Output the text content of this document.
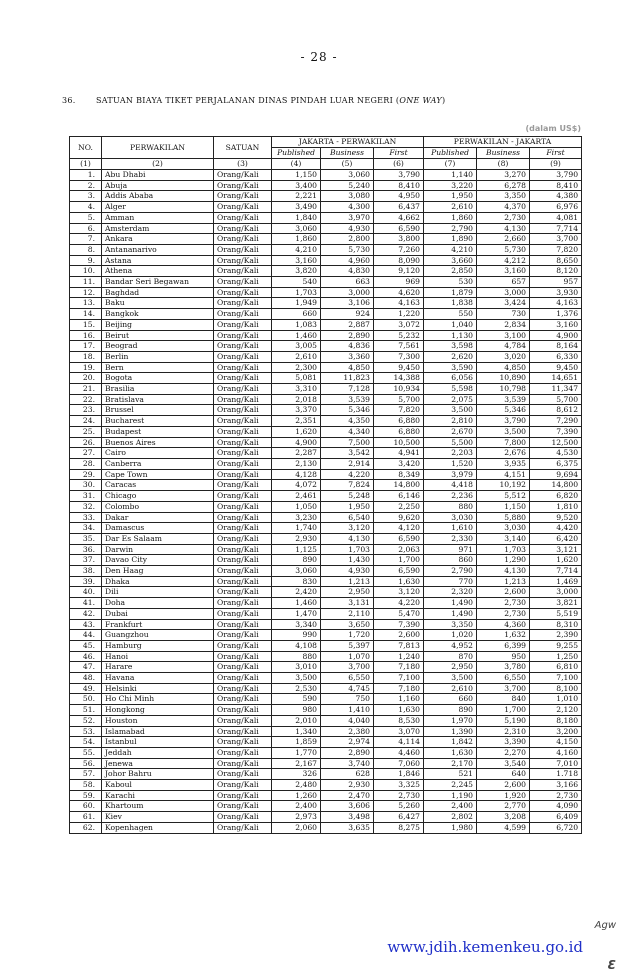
- 28 -
36.	SATUAN BIAYA TIKET PERJALANAN DINAS PINDAH LUAR NEGERI (ONE WAY)
(dalam US$)
NO.	PERWAKILAN	SATUAN	JAKARTA - PERWAKILAN			PERWAKILAN - JAKARTA		
			Published	Business	First	Published	Business	First
(1)	(2)	(3)	(4)	(5)	(6)	(7)	(8)	(9)
1.	Abu Dhabi	Orang/Kali	1,150	3,060	3,790	1,140	3,270	3,790
2.	Abuja	Orang/Kali	3,400	5,240	8,410	3,220	6,278	8,410
3.	Addis Ababa	Orang/Kali	2,221	3,080	4,950	1,950	3,350	4,380
4.	Alger	Orang/Kali	3,490	4,300	6,437	2,610	4,370	6,976
5.	Amman	Orang/Kali	1,840	3,970	4,662	1,860	2,730	4,081
6.	Amsterdam	Orang/Kali	3,060	4,930	6,590	2,790	4,130	7,714
7.	Ankara	Orang/Kali	1,860	2,800	3,800	1,890	2,660	3,700
8.	Antananarivo	Orang/Kali	4,210	5,730	7,260	4,210	5,730	7,820
9.	Astana	Orang/Kali	3,160	4,960	8,090	3,660	4,212	8,650
10.	Athena	Orang/Kali	3,820	4,830	9,120	2,850	3,160	8,120
11.	Bandar Seri Begawan	Orang/Kali	540	663	969	530	657	957
12.	Baghdad	Orang/Kali	1,703	3,000	4,620	1,879	3,000	3,930
13.	Baku	Orang/Kali	1,949	3,106	4,163	1,838	3,424	4,163
14.	Bangkok	Orang/Kali	660	924	1,220	550	730	1,376
15.	Beijing	Orang/Kali	1,083	2,887	3,072	1,040	2,834	3,160
16.	Beirut	Orang/Kali	1,460	2,890	5,232	1,130	3,100	4,900
17.	Beograd	Orang/Kali	3,005	4,836	7,561	3,598	4,784	8,164
18.	Berlin	Orang/Kali	2,610	3,360	7,300	2,620	3,020	6,330
19.	Bern	Orang/Kali	2,300	4,850	9,450	3,590	4,850	9,450
20.	Bogota	Orang/Kali	5,081	11,823	14,388	6,056	10,890	14,651
21.	Brasilia	Orang/Kali	3,310	7,128	10,934	5,598	10,798	11,347
22.	Bratislava	Orang/Kali	2,018	3,539	5,700	2,075	3,539	5,700
23.	Brussel	Orang/Kali	3,370	5,346	7,820	3,500	5,346	8,612
24.	Bucharest	Orang/Kali	2,351	4,350	6,880	2,810	3,790	7,290
25.	Budapest	Orang/Kali	1,620	4,340	6,880	2,670	3,500	7,390
26.	Buenos Aires	Orang/Kali	4,900	7,500	10,500	5,500	7,800	12,500
27.	Cairo	Orang/Kali	2,287	3,542	4,941	2,203	2,676	4,530
28.	Canberra	Orang/Kali	2,130	2,914	3,420	1,520	3,935	6,375
29.	Cape Town	Orang/Kali	4,128	4,220	8,349	3,979	4,151	9,694
30.	Caracas	Orang/Kali	4,072	7,824	14,800	4,418	10,192	14,800
31.	Chicago	Orang/Kali	2,461	5,248	6,146	2,236	5,512	6,820
32.	Colombo	Orang/Kali	1,050	1,950	2,250	880	1,150	1,810
33.	Dakar	Orang/Kali	3,230	6,540	9,620	3,030	5,880	9,520
34.	Damascus	Orang/Kali	1,740	3,120	4,120	1,610	3,030	4,420
35.	Dar Es Salaam	Orang/Kali	2,930	4,130	6,590	2,330	3,140	6,420
36.	Darwin	Orang/Kali	1,125	1,703	2,063	971	1,703	3,121
37.	Davao City	Orang/Kali	890	1,430	1,700	860	1,290	1,620
38.	Den Haag	Orang/Kali	3,060	4,930	6,590	2,790	4,130	7,714
39.	Dhaka	Orang/Kali	830	1,213	1,630	770	1,213	1,469
40.	Dili	Orang/Kali	2,420	2,950	3,120	2,320	2,600	3,000
41.	Doha	Orang/Kali	1,460	3,131	4,220	1,490	2,730	3,821
42.	Dubai	Orang/Kali	1,470	2,110	5,470	1,490	2,730	5,519
43.	Frankfurt	Orang/Kali	3,340	3,650	7,390	3,350	4,360	8,310
44.	Guangzhou	Orang/Kali	990	1,720	2,600	1,020	1,632	2,390
45.	Hamburg	Orang/Kali	4,108	5,397	7,813	4,952	6,399	9,255
46.	Hanoi	Orang/Kali	880	1,070	1,240	870	950	1,250
47.	Harare	Orang/Kali	3,010	3,700	7,180	2,950	3,780	6,810
48.	Havana	Orang/Kali	3,500	6,550	7,100	3,500	6,550	7,100
49.	Helsinki	Orang/Kali	2,530	4,745	7,180	2,610	3,700	8,100
50.	Ho Chi Minh	Orang/Kali	590	750	1,160	660	840	1,010
51.	Hongkong	Orang/Kali	980	1,410	1,630	890	1,700	2,120
52.	Houston	Orang/Kali	2,010	4,040	8,530	1,970	5,190	8,180
53.	Islamabad	Orang/Kali	1,340	2,380	3,070	1,390	2,310	3,200
54.	Istanbul	Orang/Kali	1,859	2,974	4,114	1,842	3,390	4,150
55.	Jeddah	Orang/Kali	1,770	2,890	4,460	1,630	2,270	4,160
56.	Jenewa	Orang/Kali	2,167	3,740	7,060	2,170	3,540	7,010
57.	Johor Bahru	Orang/Kali	326	628	1,846	521	640	1.718
58.	Kaboul	Orang/Kali	2,480	2,930	3,325	2,245	2,600	3,166
59.	Karachi	Orang/Kali	1,260	2,470	2,730	1,190	1,920	2,730
60.	Khartoum	Orang/Kali	2,400	3,606	5,260	2,400	2,770	4,090
61.	Kiev	Orang/Kali	2,973	3,498	6,427	2,802	3,208	6,409
62.	Kopenhagen	Orang/Kali	2,060	3,635	8,275	1,980	4,599	6,720
www.jdih.kemenkeu.go.id
Agw
Ɛ
